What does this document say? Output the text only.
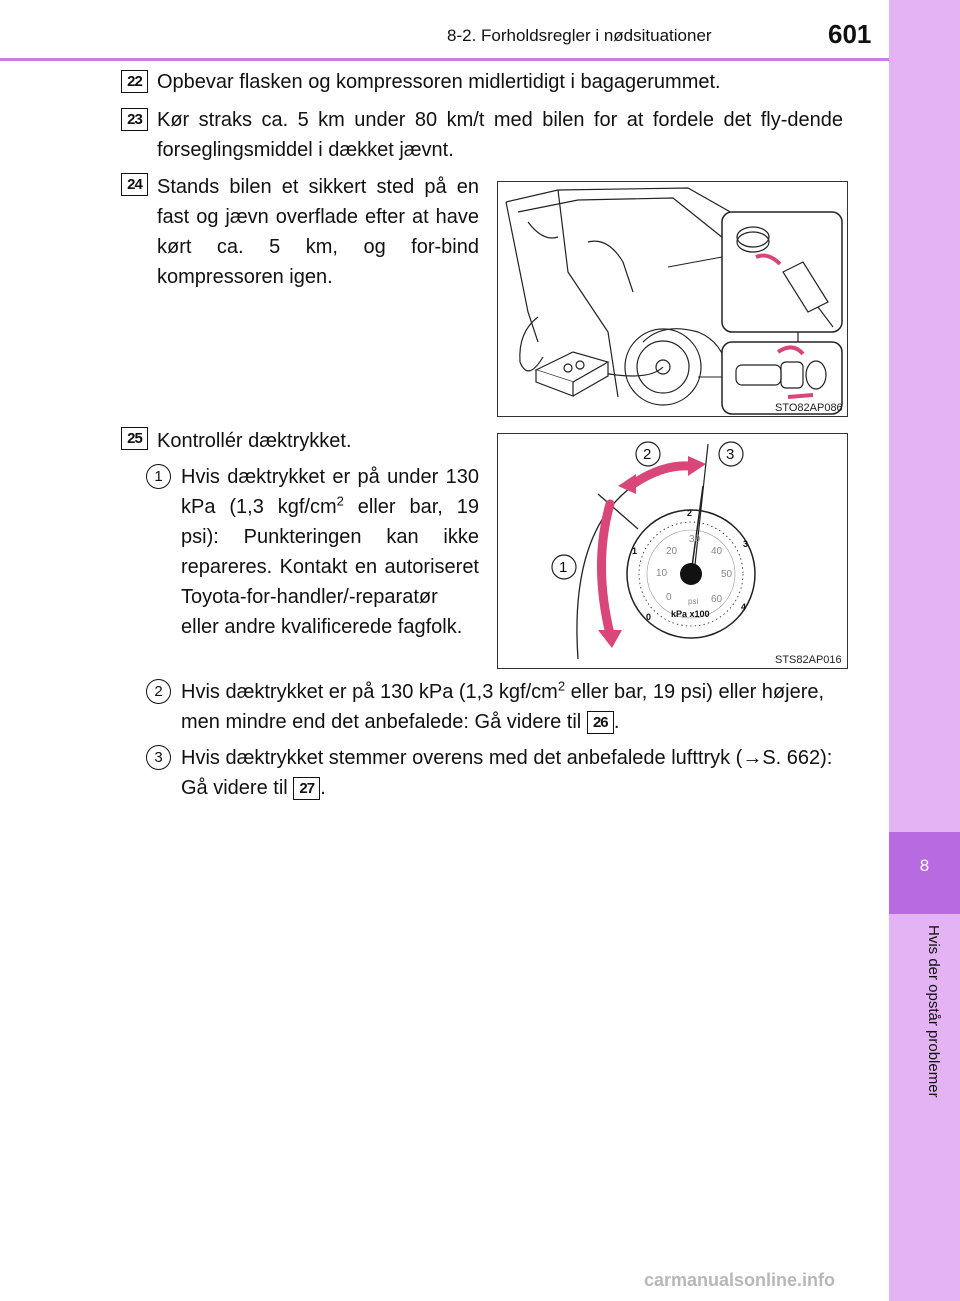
8
Hvis der opstår problemer
8-2. Forholdsregler i nødsituationer	601
22 Opbevar flasken og kompressoren midlertidigt i bagagerummet.
23 Kør straks ca. 5 km under 80 km/t med bilen for at fordele det fly-dende forseglingsmiddel i dækket jævnt.
24 Stands bilen et sikkert sted på en fast og jævn overflade efter at have kørt ca. 5 km, og for-bind kompressoren igen.
STO82AP086
25 Kontrollér dæktrykket.
1 Hvis dæktrykket er på under 130 kPa (1,3 kgf/$cm^2$ eller bar, 19 psi): Punkteringen kan ikke repareres. Kontakt en autoriseret Toyota-for-handler/-reparatør eller andre kvalificerede fagfolk.	0
1
2
3
4
0
10
20
30
40
50
60
psi
kPa x100
1
2	3
STS82AP016
2 Hvis dæktrykket er på 130 kPa (1,3 kgf/$cm^2$ eller bar, 19 psi) eller højere, men mindre end det anbefalede: Gå videre til 26 .
3 Hvis dæktrykket stemmer overens med det anbefalede lufttryk (→S. 662): Gå videre til 27 .
carmanualsonline.info
